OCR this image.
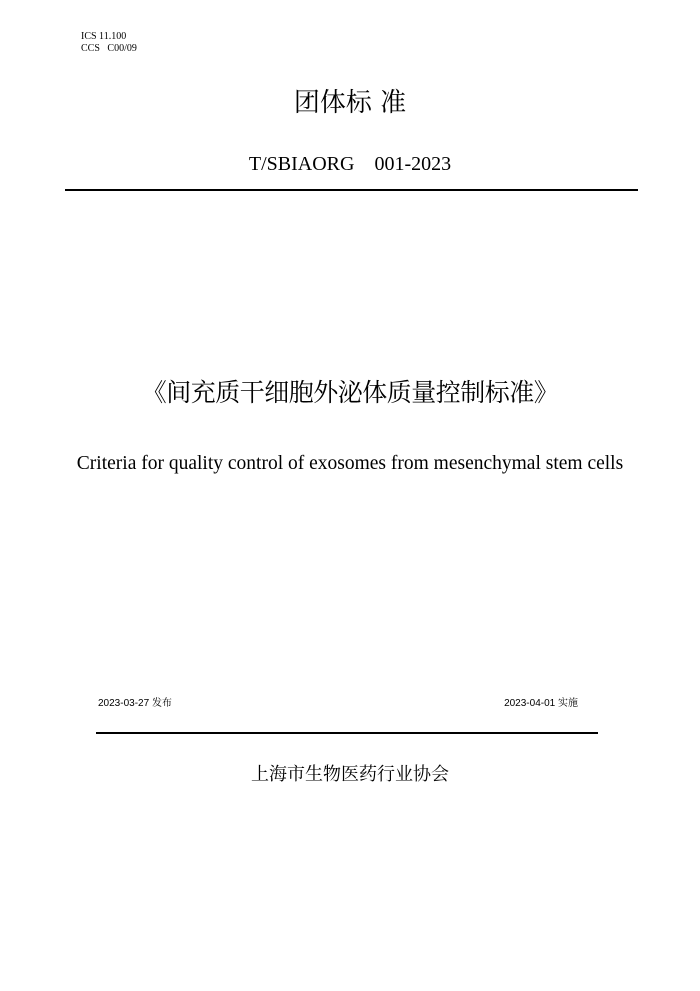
ICS 11.100
CCS   C00/09
团体标 准
T/SBIAORG    001-2023
《间充质干细胞外泌体质量控制标准》
Criteria for quality control of exosomes from mesenchymal stem cells
2023-03-27 发布	2023-04-01 实施
上海市生物医药行业协会
